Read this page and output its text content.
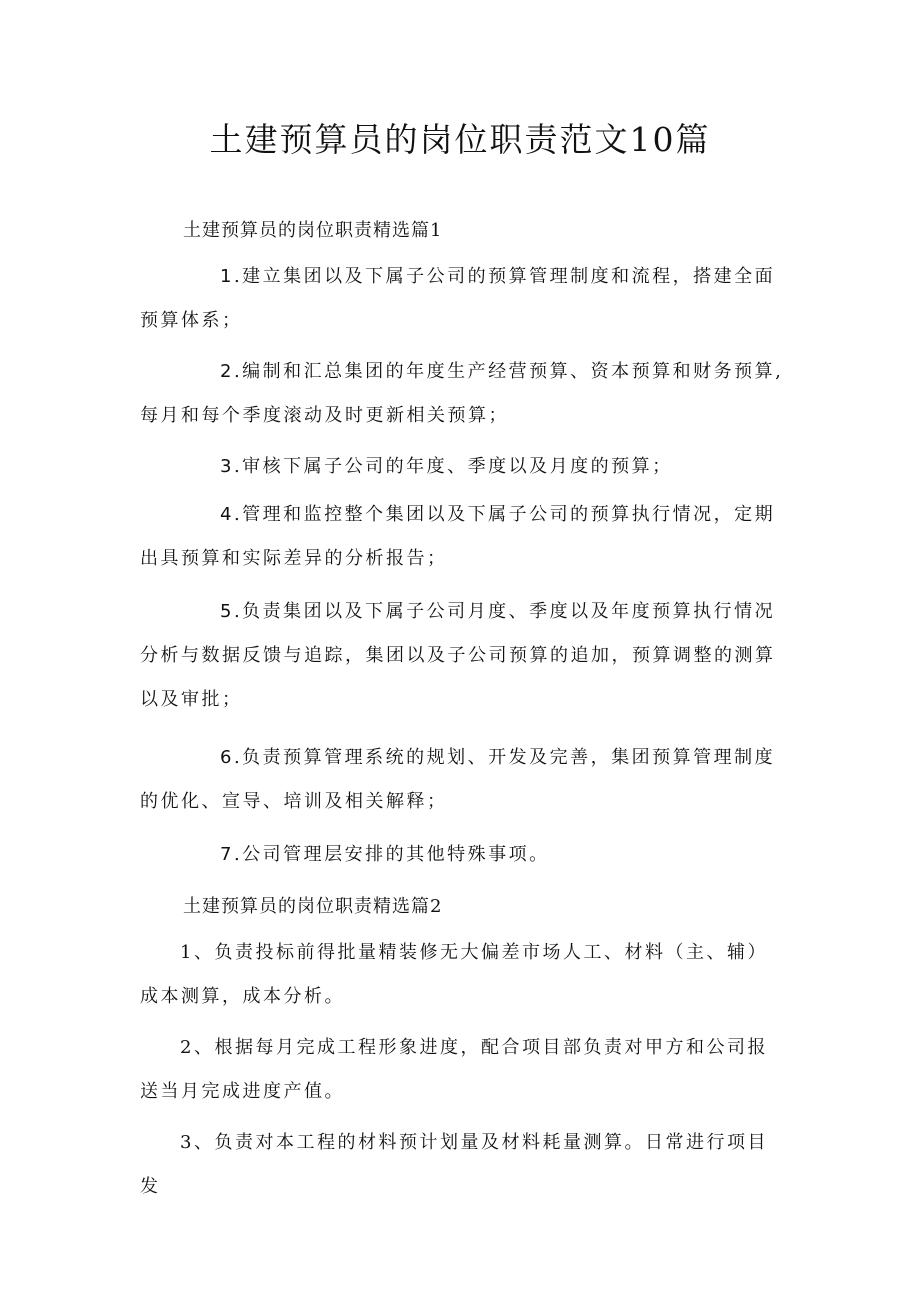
土建预算员的岗位职责范文10篇

土建预算员的岗位职责精选篇1

1.建立集团以及下属子公司的预算管理制度和流程，搭建全面预算体系；

2.编制和汇总集团的年度生产经营预算、资本预算和财务预算,每月和每个季度滚动及时更新相关预算；

3.审核下属子公司的年度、季度以及月度的预算；

4.管理和监控整个集团以及下属子公司的预算执行情况，定期出具预算和实际差异的分析报告；

5.负责集团以及下属子公司月度、季度以及年度预算执行情况分析与数据反馈与追踪，集团以及子公司预算的追加，预算调整的测算以及审批；

6.负责预算管理系统的规划、开发及完善，集团预算管理制度的优化、宣导、培训及相关解释；

7.公司管理层安排的其他特殊事项。

土建预算员的岗位职责精选篇2

1、负责投标前得批量精装修无大偏差市场人工、材料（主、辅）成本测算，成本分析。

2、根据每月完成工程形象进度，配合项目部负责对甲方和公司报送当月完成进度产值。

3、负责对本工程的材料预计划量及材料耗量测算。日常进行项目发
